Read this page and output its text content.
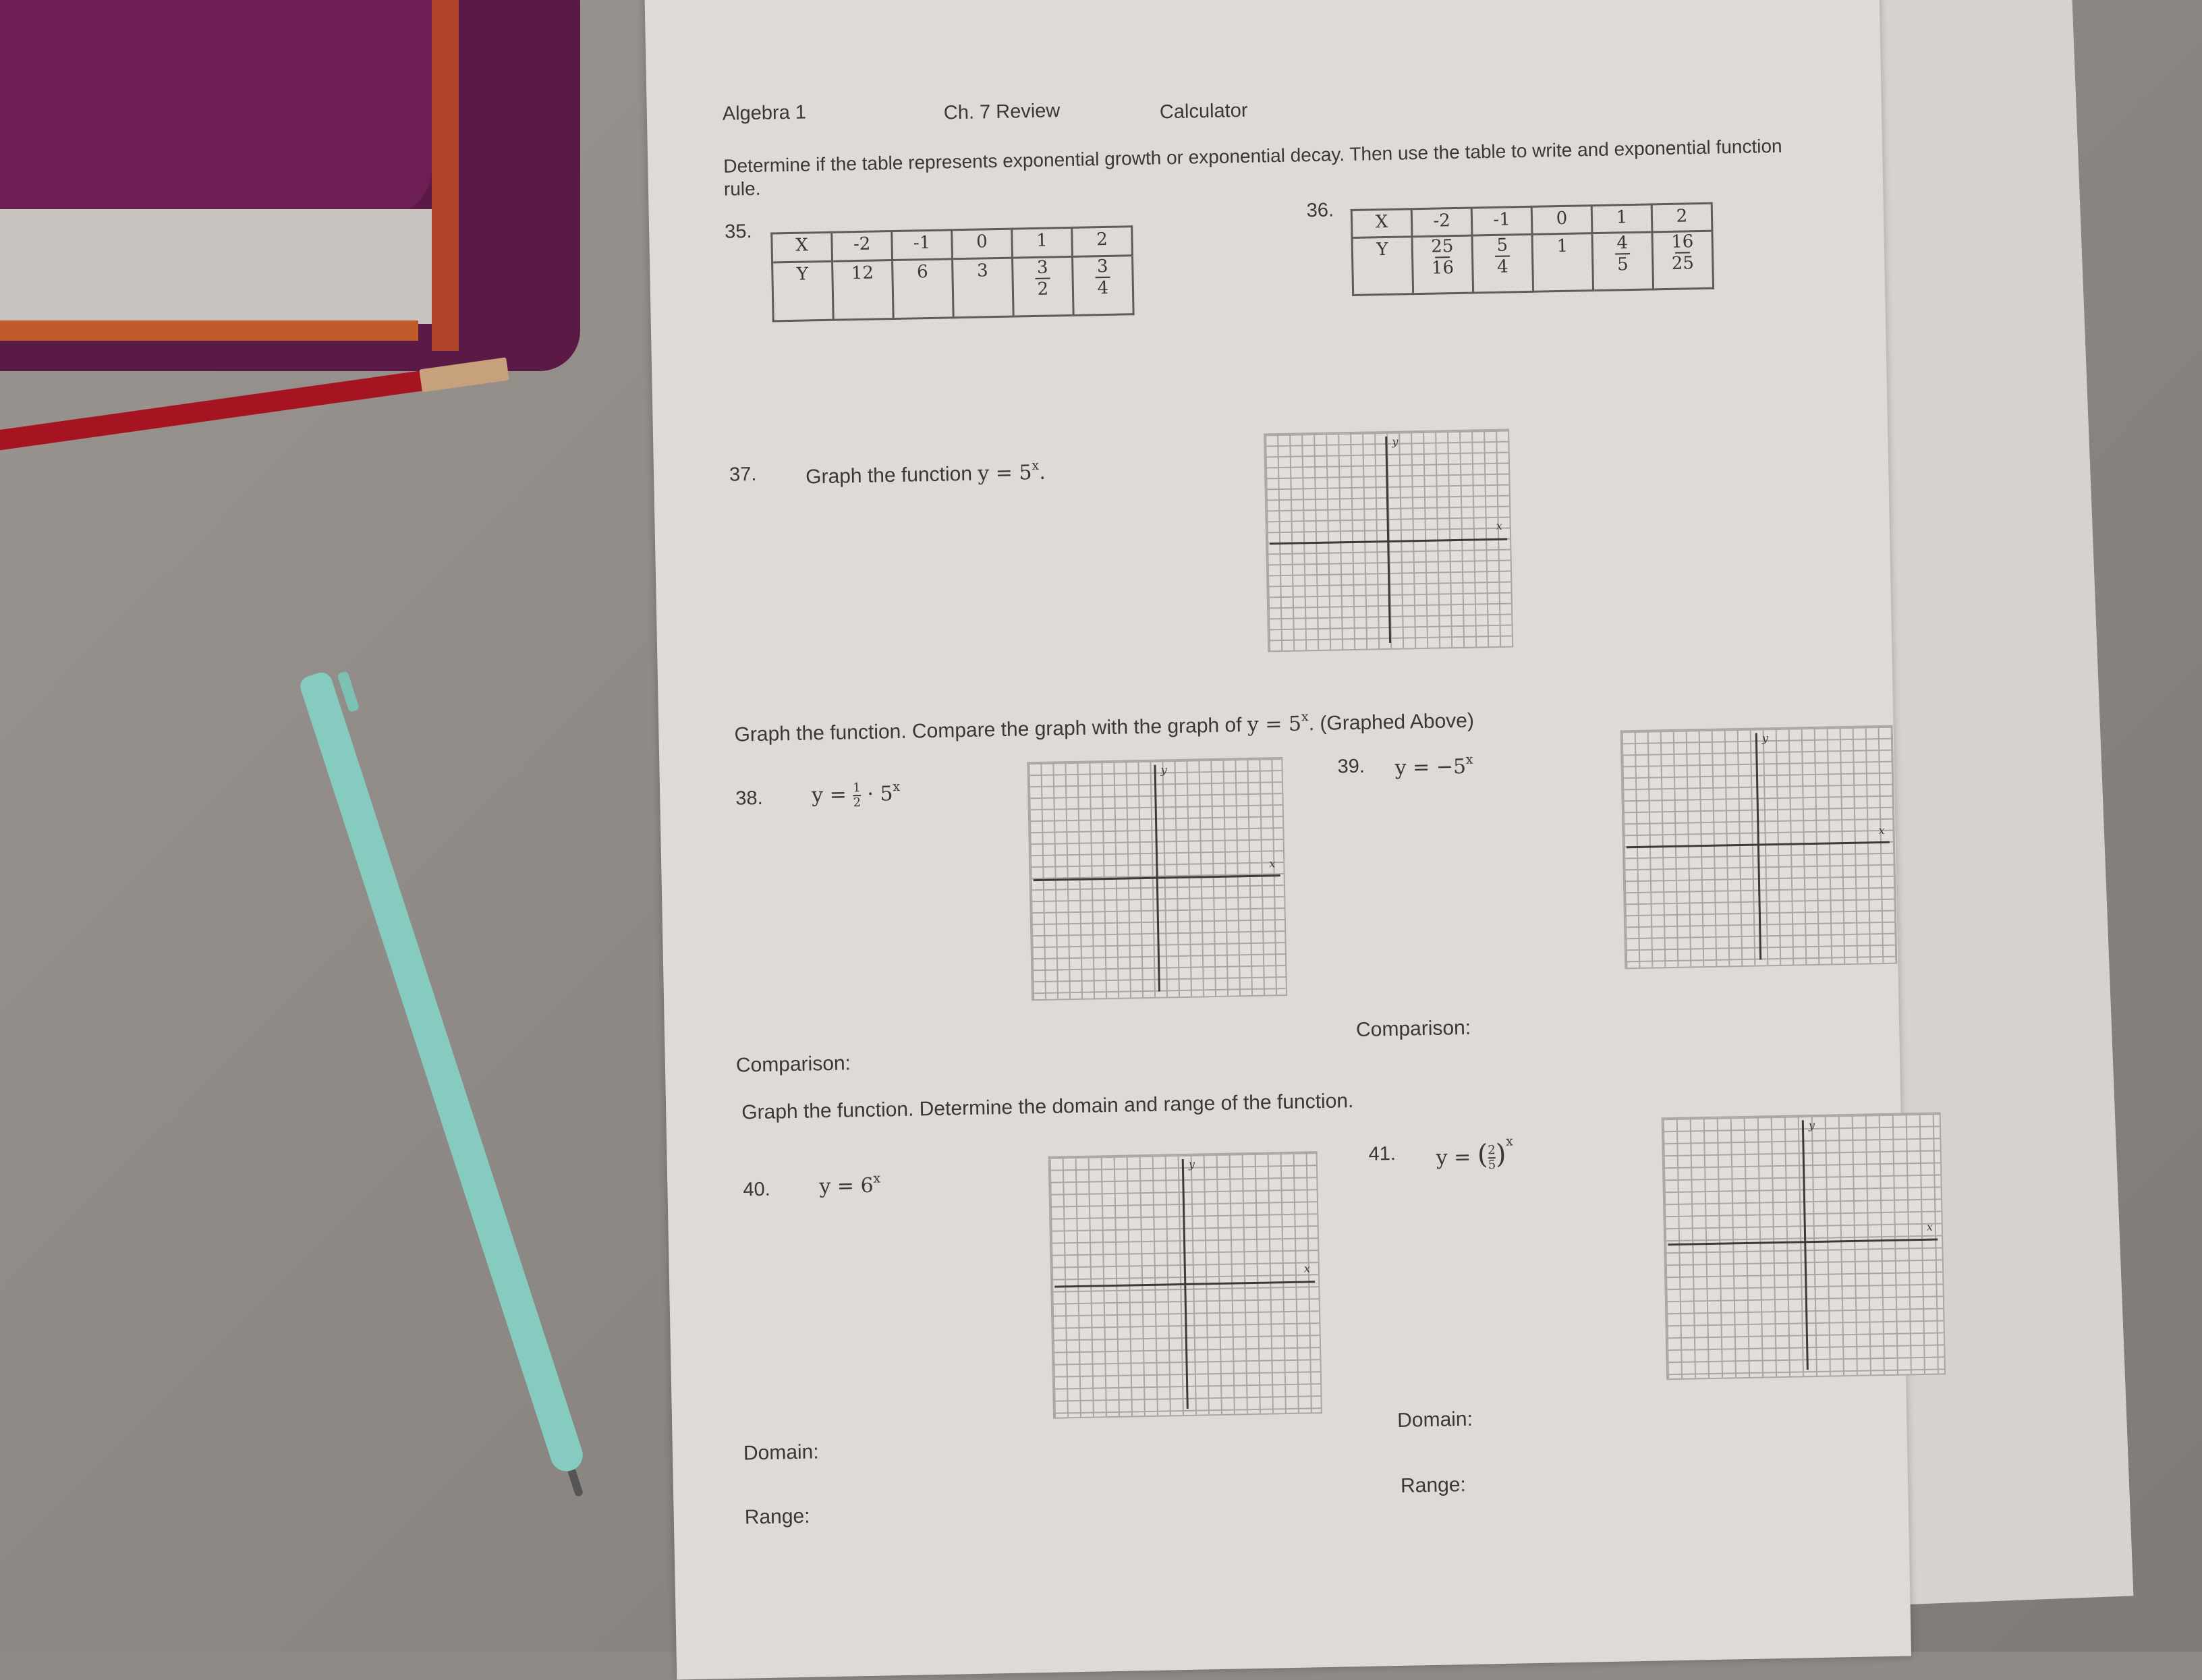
Algebra 1	Ch. 7 Review	Calculator
Determine if the table represents exponential growth or exponential decay. Then use the table to write and exponential function rule.
35.
X	-2	-1	0	1	2
Y	12	6	3	$\frac{3}{2}$	$\frac{3}{4}$
36.
X	-2	-1	0	1	2
Y	$\frac{25}{16}$	$\frac{5}{4}$	1	$\frac{4}{5}$	$\frac{16}{25}$
37. Graph the function $y = 5^x$.
y
x
Graph the function. Compare the graph with the graph of $y = 5^x$. (Graphed Above)
38. $y = \frac{1}{2} \cdot 5^x$
y
x
Comparison:
39. $y = -5^x$
y
x
Comparison:
Graph the function. Determine the domain and range of the function.
40. $y = 6^x$
y
x
Domain:
Range:
41. $y = (\frac{2}{5})^x$
y
x
Domain:
Range:
